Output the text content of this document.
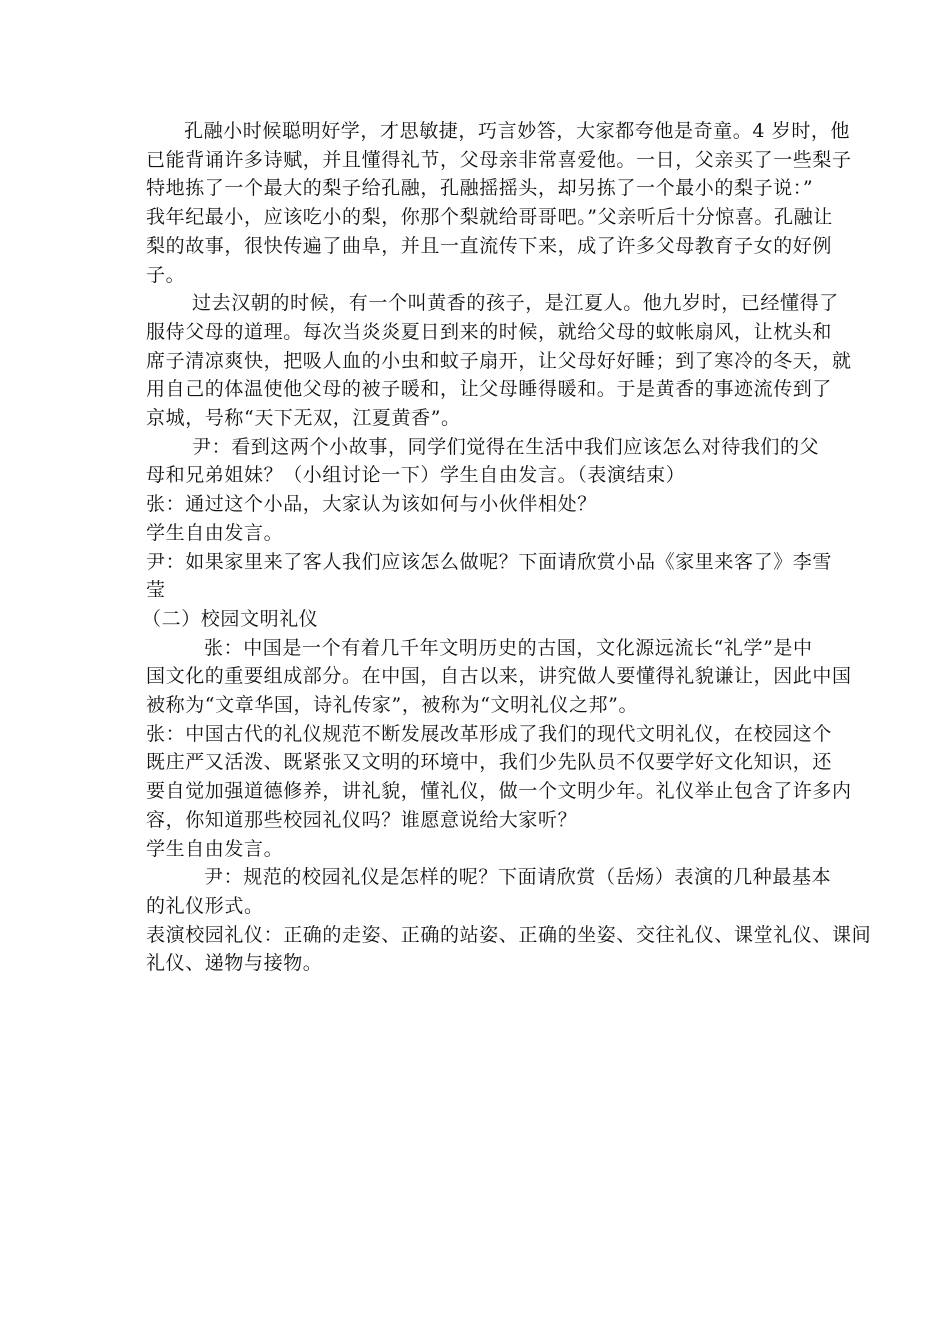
孔融小时候聪明好学，才思敏捷，巧言妙答，大家都夸他是奇童。4 岁时，他
已能背诵许多诗赋，并且懂得礼节，父母亲非常喜爱他。一日，父亲买了一些梨子
特地拣了一个最大的梨子给孔融，孔融摇摇头，却另拣了一个最小的梨子说：”
我年纪最小，应该吃小的梨，你那个梨就给哥哥吧。”父亲听后十分惊喜。孔融让
梨的故事，很快传遍了曲阜，并且一直流传下来，成了许多父母教育子女的好例
子。
过去汉朝的时候，有一个叫黄香的孩子，是江夏人。他九岁时，已经懂得了
服侍父母的道理。每次当炎炎夏日到来的时候，就给父母的蚊帐扇风，让枕头和
席子清凉爽快，把吸人血的小虫和蚊子扇开，让父母好好睡；到了寒冷的冬天，就
用自己的体温使他父母的被子暖和，让父母睡得暖和。于是黄香的事迹流传到了
京城，号称“天下无双，江夏黄香”。
尹：看到这两个小故事，同学们觉得在生活中我们应该怎么对待我们的父
母和兄弟姐妹？（小组讨论一下）学生自由发言。（表演结束）
张：通过这个小品，大家认为该如何与小伙伴相处？
学生自由发言。
尹：如果家里来了客人我们应该怎么做呢？下面请欣赏小品《家里来客了》李雪
莹
（二）校园文明礼仪
张：中国是一个有着几千年文明历史的古国，文化源远流长“礼学”是中
国文化的重要组成部分。在中国，自古以来，讲究做人要懂得礼貌谦让，因此中国
被称为“文章华国，诗礼传家”，被称为“文明礼仪之邦”。
张：中国古代的礼仪规范不断发展改革形成了我们的现代文明礼仪，在校园这个
既庄严又活泼、既紧张又文明的环境中，我们少先队员不仅要学好文化知识，还
要自觉加强道德修养，讲礼貌，懂礼仪，做一个文明少年。礼仪举止包含了许多内
容，你知道那些校园礼仪吗？谁愿意说给大家听？
学生自由发言。
尹：规范的校园礼仪是怎样的呢？下面请欣赏（岳炀）表演的几种最基本
的礼仪形式。
表演校园礼仪：正确的走姿、正确的站姿、正确的坐姿、交往礼仪、课堂礼仪、课间
礼仪、递物与接物。
